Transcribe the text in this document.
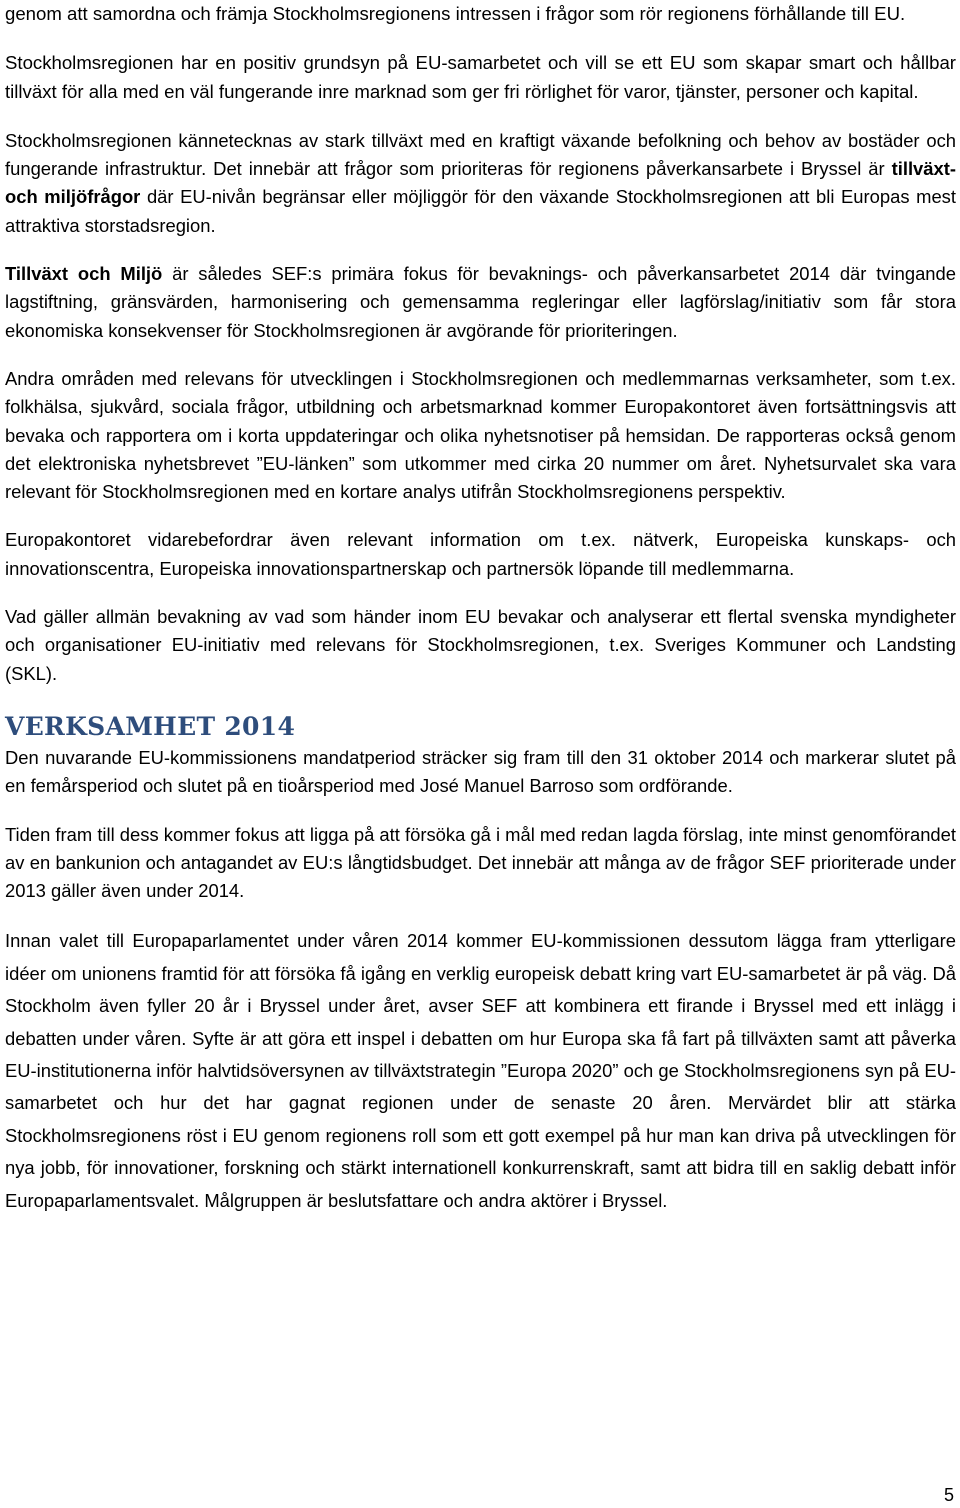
genom att samordna och främja Stockholmsregionens intressen i frågor som rör regionens förhållande till EU.

Stockholmsregionen har en positiv grundsyn på EU-samarbetet och vill se ett EU som skapar smart och hållbar tillväxt för alla med en väl fungerande inre marknad som ger fri rörlighet för varor, tjänster, personer och kapital.

Stockholmsregionen kännetecknas av stark tillväxt med en kraftigt växande befolkning och behov av bostäder och fungerande infrastruktur. Det innebär att frågor som prioriteras för regionens påverkansarbete i Bryssel är tillväxt- och miljöfrågor där EU-nivån begränsar eller möjliggör för den växande Stockholmsregionen att bli Europas mest attraktiva storstadsregion.

Tillväxt och Miljö är således SEF:s primära fokus för bevaknings- och påverkansarbetet 2014 där tvingande lagstiftning, gränsvärden, harmonisering och gemensamma regleringar eller lagförslag/initiativ som får stora ekonomiska konsekvenser för Stockholmsregionen är avgörande för prioriteringen.

Andra områden med relevans för utvecklingen i Stockholmsregionen och medlemmarnas verksamheter, som t.ex. folkhälsa, sjukvård, sociala frågor, utbildning och arbetsmarknad kommer Europakontoret även fortsättningsvis att bevaka och rapportera om i korta uppdateringar och olika nyhetsnotiser på hemsidan. De rapporteras också genom det elektroniska nyhetsbrevet ”EU-länken” som utkommer med cirka 20 nummer om året. Nyhetsurvalet ska vara relevant för Stockholmsregionen med en kortare analys utifrån Stockholmsregionens perspektiv.

Europakontoret vidarebefordrar även relevant information om t.ex. nätverk, Europeiska kunskaps- och innovationscentra, Europeiska innovationspartnerskap och partnersök löpande till medlemmarna.

Vad gäller allmän bevakning av vad som händer inom EU bevakar och analyserar ett flertal svenska myndigheter och organisationer EU-initiativ med relevans för Stockholmsregionen, t.ex. Sveriges Kommuner och Landsting (SKL).

VERKSAMHET 2014

Den nuvarande EU-kommissionens mandatperiod sträcker sig fram till den 31 oktober 2014 och markerar slutet på en femårsperiod och slutet på en tioårsperiod med José Manuel Barroso som ordförande.

Tiden fram till dess kommer fokus att ligga på att försöka gå i mål med redan lagda förslag, inte minst genomförandet av en bankunion och antagandet av EU:s långtidsbudget. Det innebär att många av de frågor SEF prioriterade under 2013 gäller även under 2014.

Innan valet till Europaparlamentet under våren 2014 kommer EU-kommissionen dessutom lägga fram ytterligare idéer om unionens framtid för att försöka få igång en verklig europeisk debatt kring vart EU-samarbetet är på väg. Då Stockholm även fyller 20 år i Bryssel under året, avser SEF att kombinera ett firande i Bryssel med ett inlägg i debatten under våren. Syfte är att göra ett inspel i debatten om hur Europa ska få fart på tillväxten samt att påverka EU-institutionerna inför halvtidsöversynen av tillväxtstrategin ”Europa 2020” och ge Stockholmsregionens syn på EU-samarbetet och hur det har gagnat regionen under de senaste 20 åren. Mervärdet blir att stärka Stockholmsregionens röst i EU genom regionens roll som ett gott exempel på hur man kan driva på utvecklingen för nya jobb, för innovationer, forskning och stärkt internationell konkurrenskraft, samt att bidra till en saklig debatt inför Europaparlamentsvalet. Målgruppen är beslutsfattare och andra aktörer i Bryssel.

5
